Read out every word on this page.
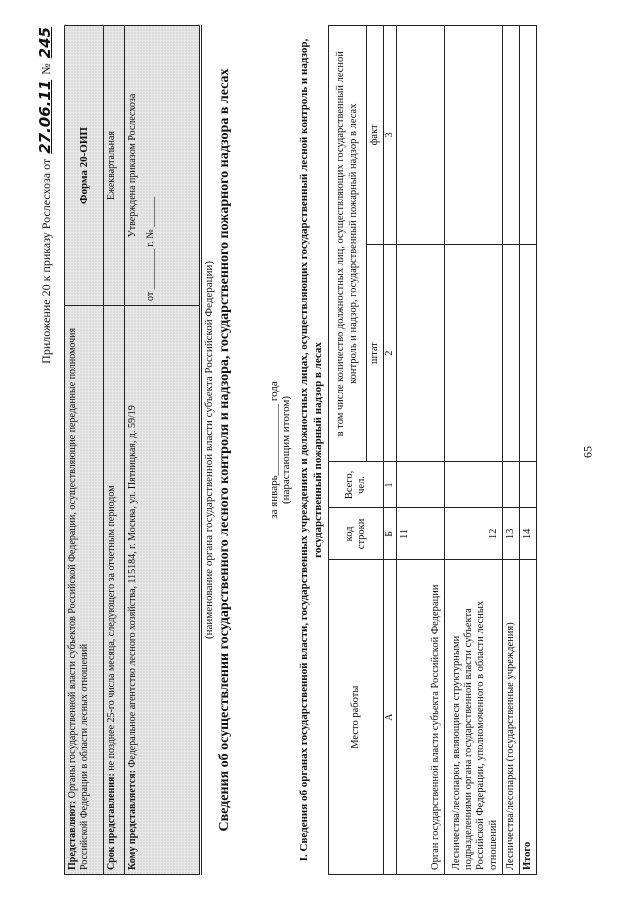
65
Приложение 20 к приказу Рослесхоза от 27.06.11 № 245
Представляют: Органы государственной власти субъектов Российской Федерации, осуществляющие переданные полномочия Российской Федерации в области лесных отношений	Форма 20-ОИП
Срок представления: не позднее 25-го числа месяца, следующего за отчетным периодом	Ежеквартальная
Кому представляется: Федеральное агентство лесного хозяйства, 115184, г. Москва, ул. Пятницкая, д. 59/19	Утверждена приказом Рослесхоза
от ________ г. № ______
(наименование органа государственной власти субъекта Российской Федерации) Сведения об осуществлении государственного лесного контроля и надзора, государственного пожарного надзора в лесах	за январь_____________ года (нарастающим итогом) I. Сведения об органах государственной власти, государственных учреждениях и должностных лицах, осуществляющих государственный лесной контроль и надзор, государственный пожарный надзор в лесах
Место работы	код строки	Всего, чел.	в том числе количество должностных лиц, осуществляющих государственный лесной контроль и надзор, государственный пожарный надзор в лесах	
			штат	факт
А	Б	1	2	3
Орган государственной власти субъекта Российской Федерации	11			
Лесничества/лесопарки, являющиеся структурными подразделениями органа государственной власти субъекта Российской Федерации, уполномоченного в области лесных отношений	12			
Лесничества/лесопарки (государственные учреждения)	13			
Итого	14			
